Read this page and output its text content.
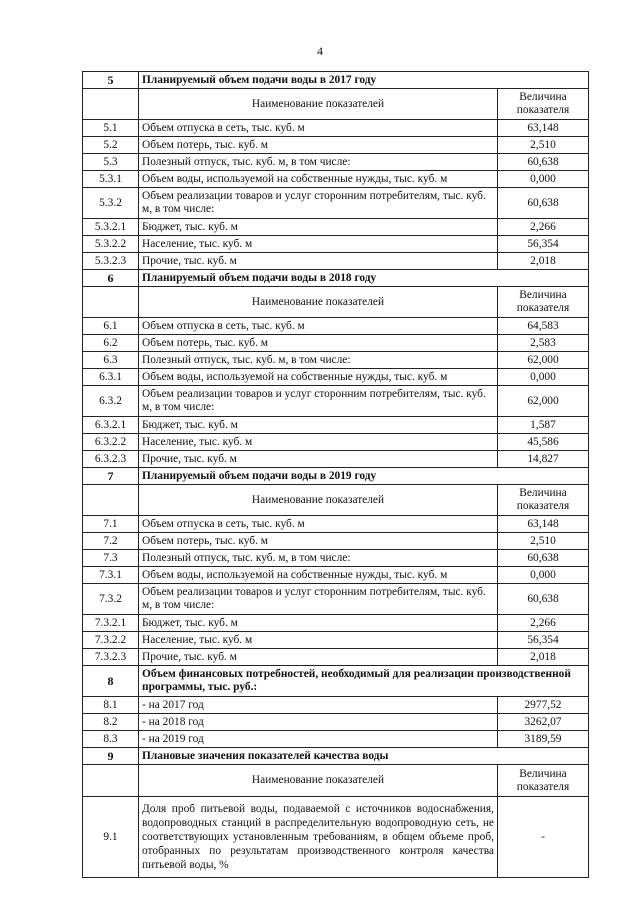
4
5	Планируемый объем подачи воды в 2017 году	
	Наименование показателей	Величина показателя
5.1	Объем отпуска в сеть, тыс. куб. м	63,148
5.2	Объем потерь, тыс. куб. м	2,510
5.3	Полезный отпуск, тыс. куб. м, в том числе:	60,638
5.3.1	Объем воды, используемой на собственные нужды, тыс. куб. м	0,000
5.3.2	Объем реализации товаров и услуг сторонним потребителям, тыс. куб. м, в том числе:	60,638
5.3.2.1	Бюджет, тыс. куб. м	2,266
5.3.2.2	Население, тыс. куб. м	56,354
5.3.2.3	Прочие, тыс. куб. м	2,018
6	Планируемый объем подачи воды в 2018 году	
	Наименование показателей	Величина показателя
6.1	Объем отпуска в сеть, тыс. куб. м	64,583
6.2	Объем потерь, тыс. куб. м	2,583
6.3	Полезный отпуск, тыс. куб. м, в том числе:	62,000
6.3.1	Объем воды, используемой на собственные нужды, тыс. куб. м	0,000
6.3.2	Объем реализации товаров и услуг сторонним потребителям, тыс. куб. м, в том числе:	62,000
6.3.2.1	Бюджет, тыс. куб. м	1,587
6.3.2.2	Население, тыс. куб. м	45,586
6.3.2.3	Прочие, тыс. куб. м	14,827
7	Планируемый объем подачи воды в 2019 году	
	Наименование показателей	Величина показателя
7.1	Объем отпуска в сеть, тыс. куб. м	63,148
7.2	Объем потерь, тыс. куб. м	2,510
7.3	Полезный отпуск, тыс. куб. м, в том числе:	60,638
7.3.1	Объем воды, используемой на собственные нужды, тыс. куб. м	0,000
7.3.2	Объем реализации товаров и услуг сторонним потребителям, тыс. куб. м, в том числе:	60,638
7.3.2.1	Бюджет, тыс. куб. м	2,266
7.3.2.2	Население, тыс. куб. м	56,354
7.3.2.3	Прочие, тыс. куб. м	2,018
8	Объем финансовых потребностей, необходимый для реализации производственной программы, тыс. руб.:	
8.1	- на 2017 год	2977,52
8.2	- на 2018 год	3262,07
8.3	- на 2019 год	3189,59
9	Плановые значения показателей качества воды	
	Наименование показателей	Величина показателя
9.1	Доля проб питьевой воды, подаваемой с источников водоснабжения, водопроводных станций в распределительную водопроводную сеть, не соответствующих установленным требованиям, в общем объеме проб, отобранных по результатам производственного контроля качества питьевой воды, %	-
